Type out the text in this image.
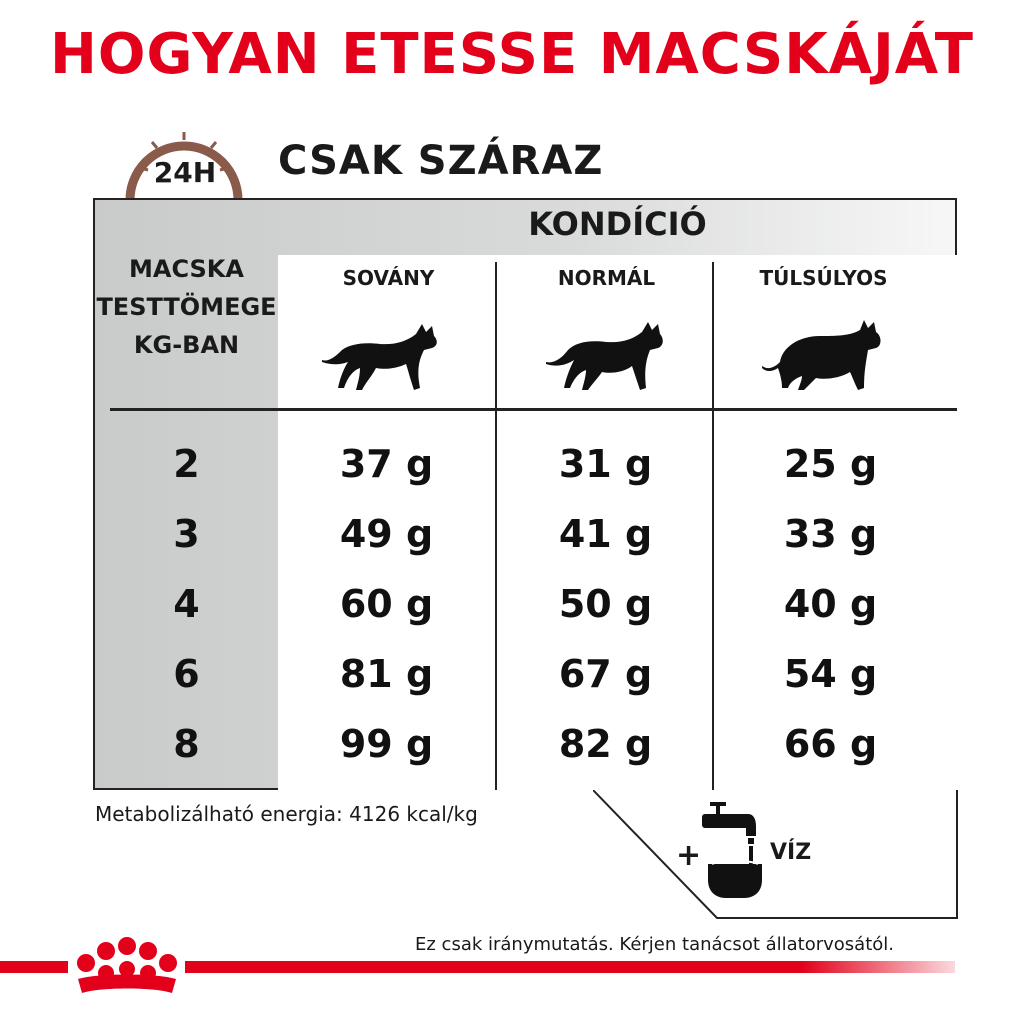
HOGYAN ETESSE MACSKÁJÁT
24H CSAK SZÁRAZ
KONDÍCIÓ
MACSKA
TESTTÖMEGE
KG-BAN
SOVÁNY	NORMÁL	TÚLSÚLYOS
2	37 g	31 g	25 g
3	49 g	41 g	33 g
4	60 g	50 g	40 g
6	81 g	67 g	54 g
8	99 g	82 g	66 g
Metabolizálható energia: 4126 kcal/kg
+	VÍZ
Ez csak iránymutatás. Kérjen tanácsot állatorvosától.
